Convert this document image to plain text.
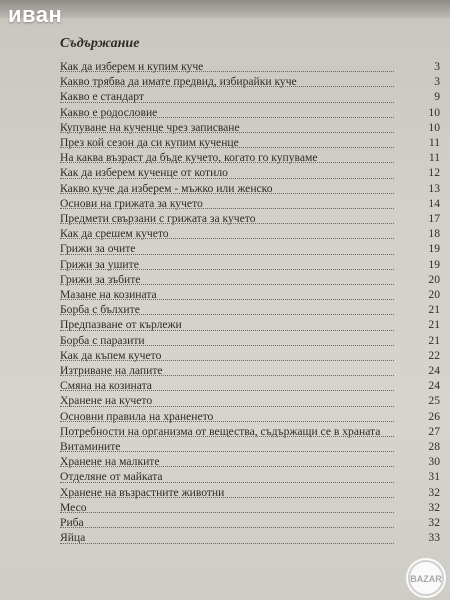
иван
Съдържание
Как да изберем и купим куче	3
Какво трябва да имате предвид, избирайки куче	3
Какво е стандарт	9
Какво е родословие	10
Купуване на кученце чрез записване	10
През кой сезон да си купим кученце	11
На каква възраст да бъде кучето, когато го купуваме	11
Как да изберем кученце от котило	12
Какво куче да изберем - мъжко или женско	13
Основи на грижата за кучето	14
Предмети свързани с грижата за кучето	17
Как да срешем кучето	18
Грижи за очите	19
Грижи за ушите	19
Грижи за зъбите	20
Мазане на козината	20
Борба с бълхите	21
Предпазване от кърлежи	21
Борба с паразити	21
Как да къпем кучето	22
Изтриване на лапите	24
Смяна на козината	24
Хранене на кучето	25
Основни правила на храненето	26
Потребности на организма от вещества, съдържащи се в храната	27
Витамините	28
Хранене на малките	30
Отделяне от майката	31
Хранене на възрастните животни	32
Месо	32
Риба	32
Яйца	33
BAZAR
